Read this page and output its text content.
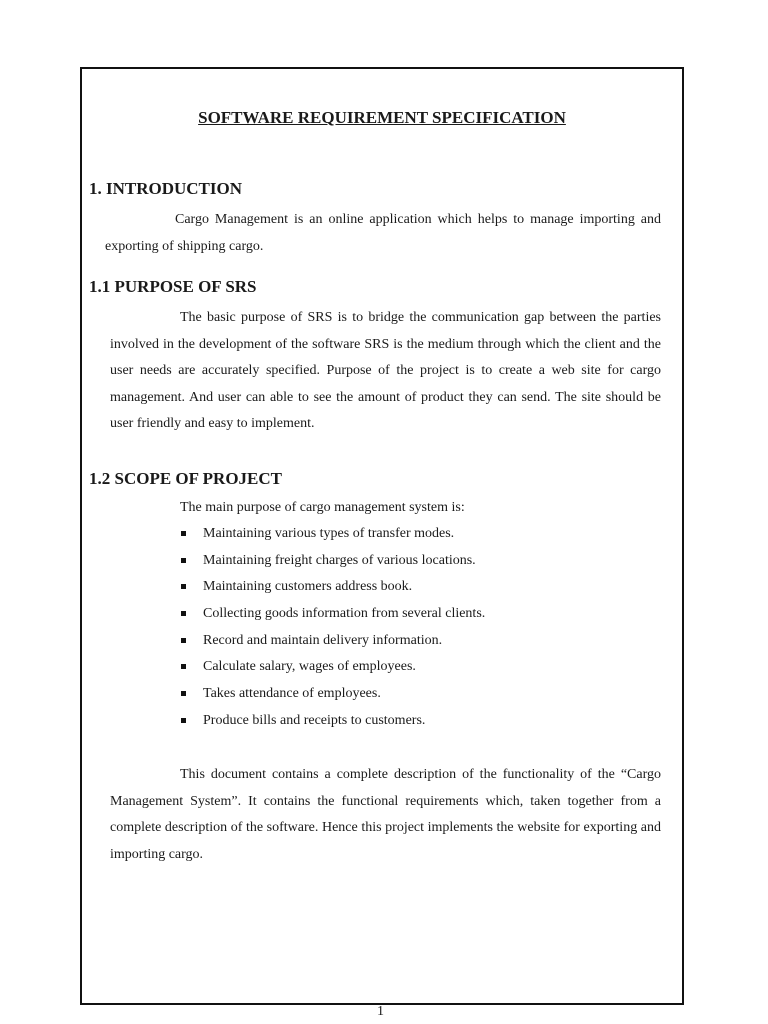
SOFTWARE REQUIREMENT SPECIFICATION
1. INTRODUCTION

Cargo Management is an online application which helps to manage importing and exporting of shipping cargo.

1.1 PURPOSE OF SRS

The basic purpose of SRS is to bridge the communication gap between the parties involved in the development of the software SRS is the medium through which the client and the user needs are accurately specified. Purpose of the project is to create a web site for cargo management. And user can able to see the amount of product they can send. The site should be user friendly and easy to implement.

1.2 SCOPE OF PROJECT

The main purpose of cargo management system is:

Maintaining various types of transfer modes.
Maintaining freight charges of various locations.
Maintaining customers address book.
Collecting goods information from several clients.
Record and maintain delivery information.
Calculate salary, wages of employees.
Takes attendance of employees.
Produce bills and receipts to customers.

This document contains a complete description of the functionality of the “Cargo Management System”. It contains the functional requirements which, taken together from a complete description of the software. Hence this project implements the website for exporting and importing cargo.

1
